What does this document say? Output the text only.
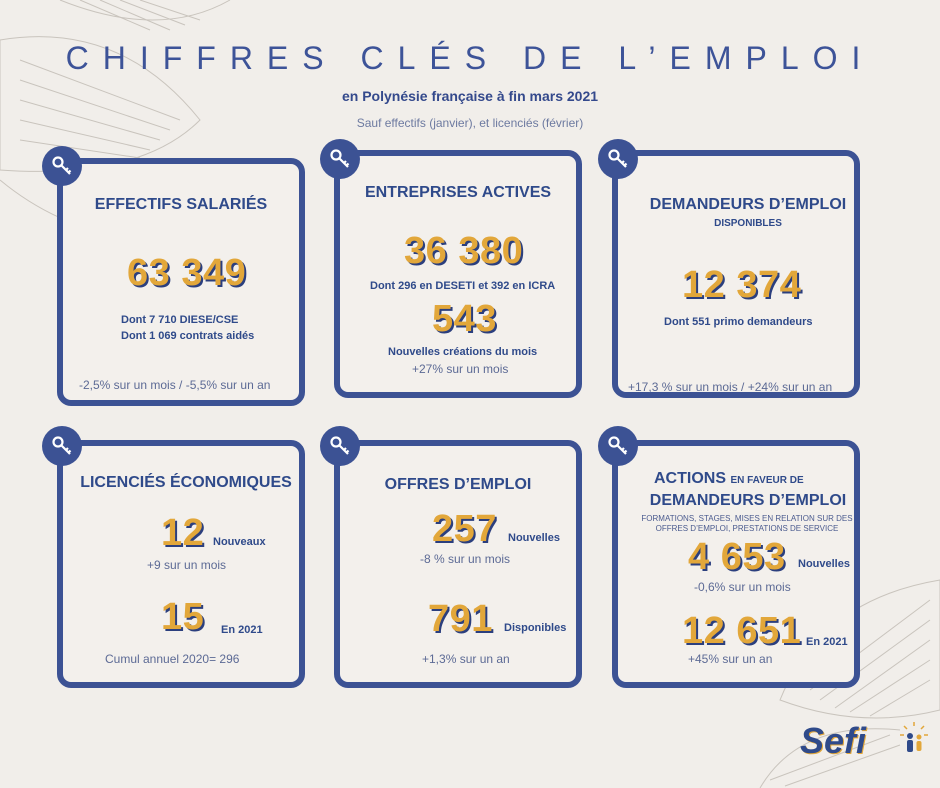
CHIFFRES CLÉS DE L’EMPLOI
en Polynésie française à fin mars 2021
Sauf effectifs (janvier), et licenciés (février)
EFFECTIFS SALARIÉS
63 349
Dont 7 710 DIESE/CSE
Dont 1 069 contrats aidés
-2,5% sur un mois / -5,5% sur un an
ENTREPRISES ACTIVES
36 380
Dont 296 en DESETI et 392 en ICRA
543
Nouvelles créations du mois
+27% sur un mois
DEMANDEURS D’EMPLOI
DISPONIBLES
12 374
Dont 551 primo demandeurs
+17,3 % sur un mois / +24% sur un an
LICENCIÉS ÉCONOMIQUES
12 Nouveaux
+9 sur un mois
15 En 2021
Cumul annuel 2020= 296
OFFRES D’EMPLOI
257 Nouvelles
-8 % sur un mois
791 Disponibles
+1,3% sur un an
ACTIONS EN FAVEUR DE
DEMANDEURS D’EMPLOI
FORMATIONS, STAGES, MISES EN RELATION SUR DES OFFRES D’EMPLOI, PRESTATIONS DE SERVICE
4 653 Nouvelles
-0,6% sur un mois
12 651 En 2021
+45% sur un an
Sefi
